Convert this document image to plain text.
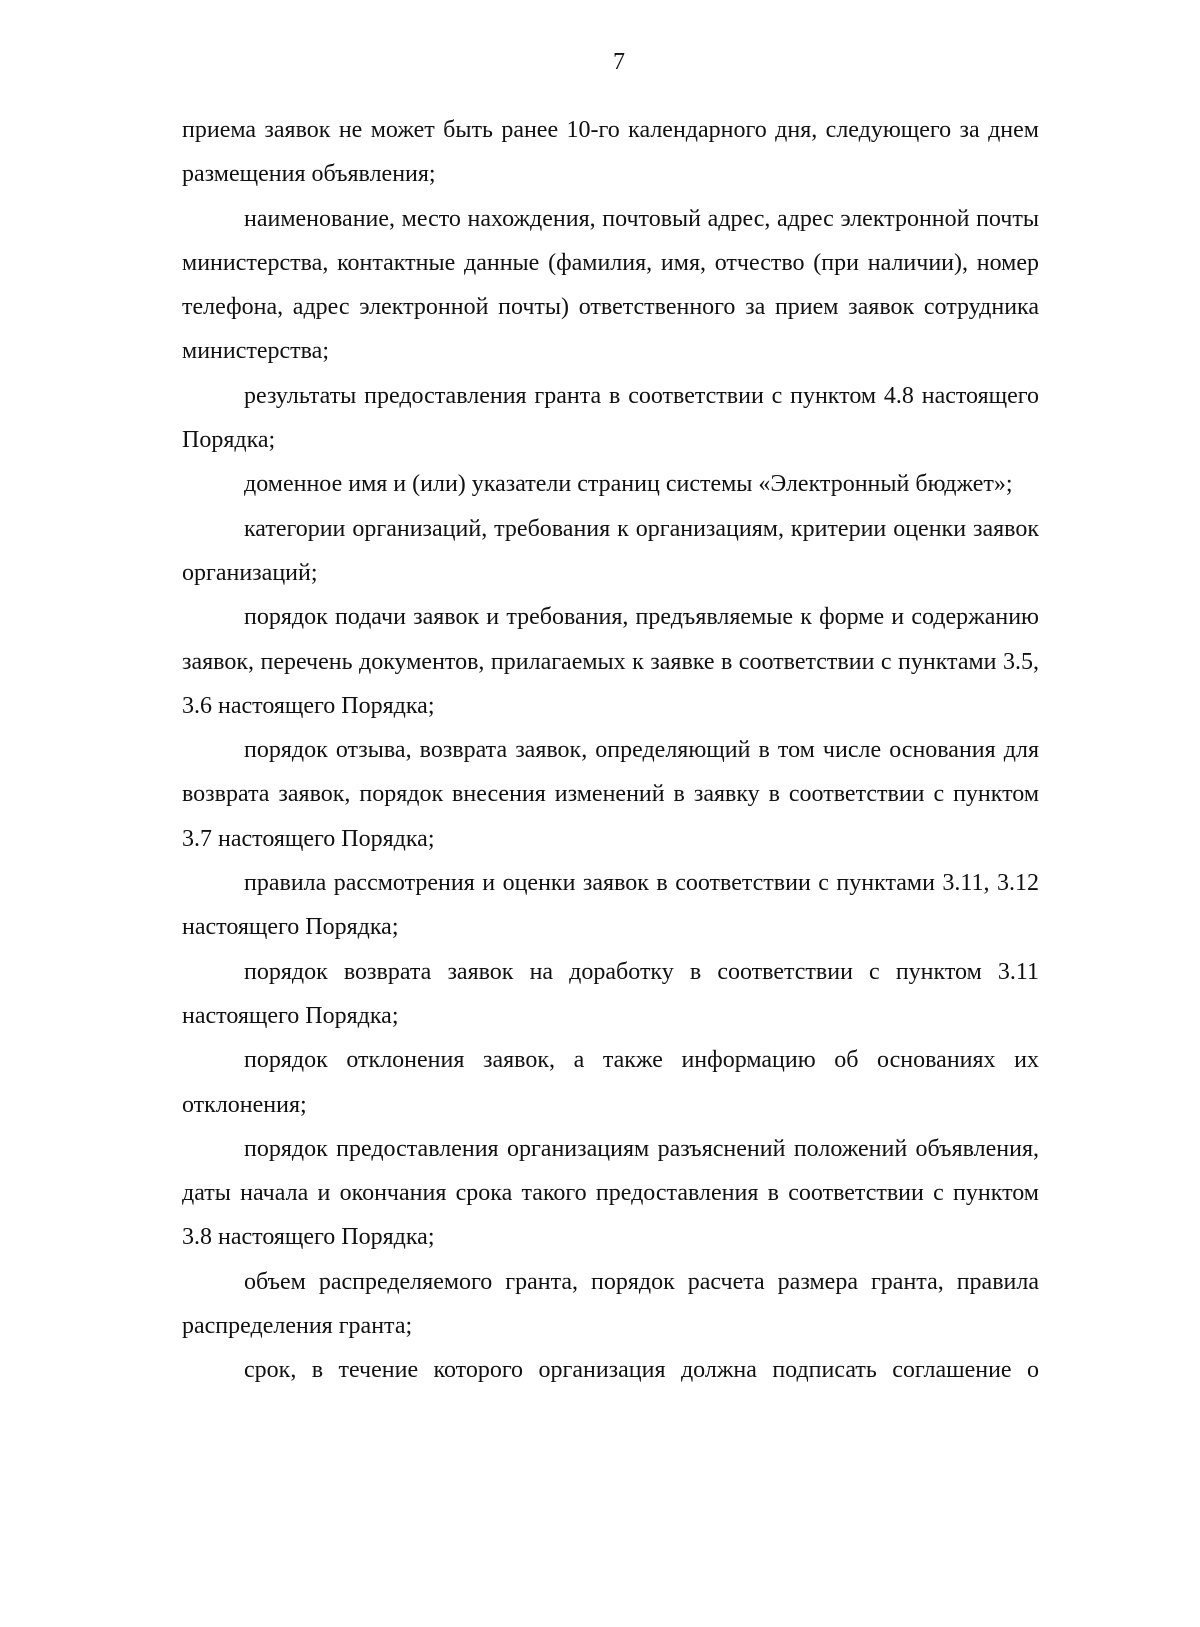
7

приема заявок не может быть ранее 10-го календарного дня, следующего за днем размещения объявления;

наименование, место нахождения, почтовый адрес, адрес электронной почты министерства, контактные данные (фамилия, имя, отчество (при наличии), номер телефона, адрес электронной почты) ответственного за прием заявок сотрудника министерства;

результаты предоставления гранта в соответствии с пунктом 4.8 настоящего Порядка;

доменное имя и (или) указатели страниц системы «Электронный бюджет»;

категории организаций, требования к организациям, критерии оценки заявок организаций;

порядок подачи заявок и требования, предъявляемые к форме и содержанию заявок, перечень документов, прилагаемых к заявке в соответствии с пунктами 3.5, 3.6 настоящего Порядка;

порядок отзыва, возврата заявок, определяющий в том числе основания для возврата заявок, порядок внесения изменений в заявку в соответствии с пунктом 3.7 настоящего Порядка;

правила рассмотрения и оценки заявок в соответствии с пунктами 3.11, 3.12 настоящего Порядка;

порядок возврата заявок на доработку в соответствии с пунктом 3.11 настоящего Порядка;

порядок отклонения заявок, а также информацию об основаниях их отклонения;

порядок предоставления организациям разъяснений положений объявления, даты начала и окончания срока такого предоставления в соответствии с пунктом 3.8 настоящего Порядка;

объем распределяемого гранта, порядок расчета размера гранта, правила распределения гранта;

срок, в течение которого организация должна подписать соглашение о
